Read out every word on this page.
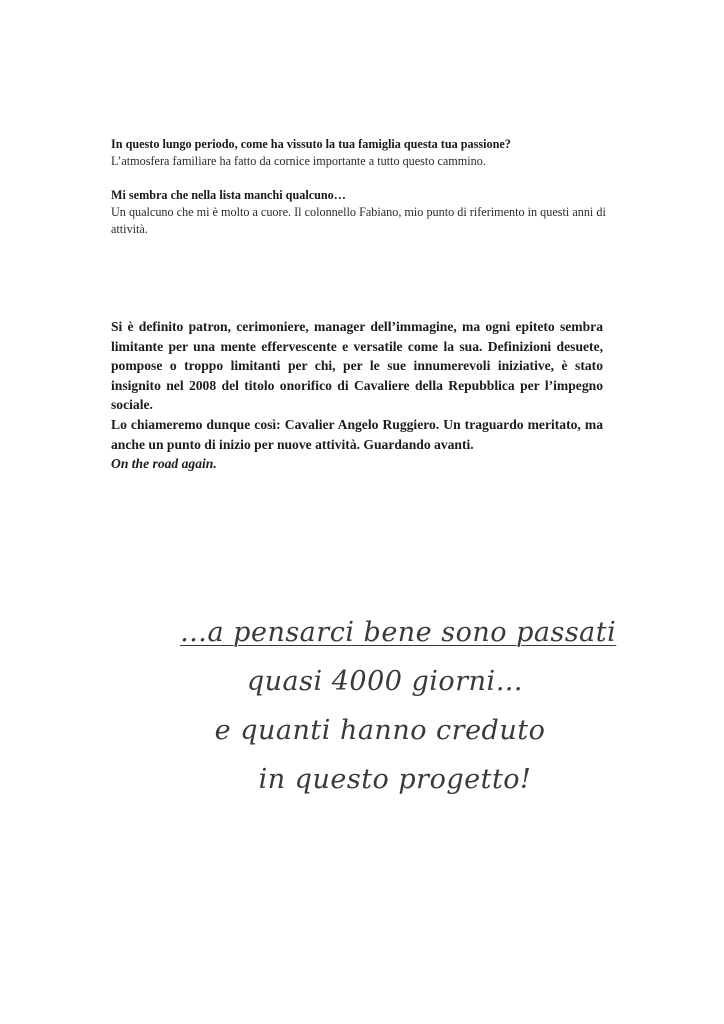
In questo lungo periodo, come ha vissuto la tua famiglia questa tua passione?

L’atmosfera familiare ha fatto da cornice importante a tutto questo cammino.

Mi sembra che nella lista manchi qualcuno…

Un qualcuno che mi è molto a cuore. Il colonnello Fabiano, mio punto di riferimento in questi anni di attività.

Si è definito patron, cerimoniere, manager dell’immagine, ma ogni epiteto sembra limitante per una mente effervescente e versatile come la sua. Definizioni desuete, pompose o troppo limitanti per chi, per le sue innumerevoli iniziative, è stato insignito nel 2008 del titolo onorifico di Cavaliere della Repubblica per l’impegno sociale.

Lo chiameremo dunque così: Cavalier Angelo Ruggiero. Un traguardo meritato, ma anche un punto di inizio per nuove attività. Guardando avanti.

On the road again.

…a pensarci bene sono passati
quasi 4000 giorni…
e quanti hanno creduto
in questo progetto!
